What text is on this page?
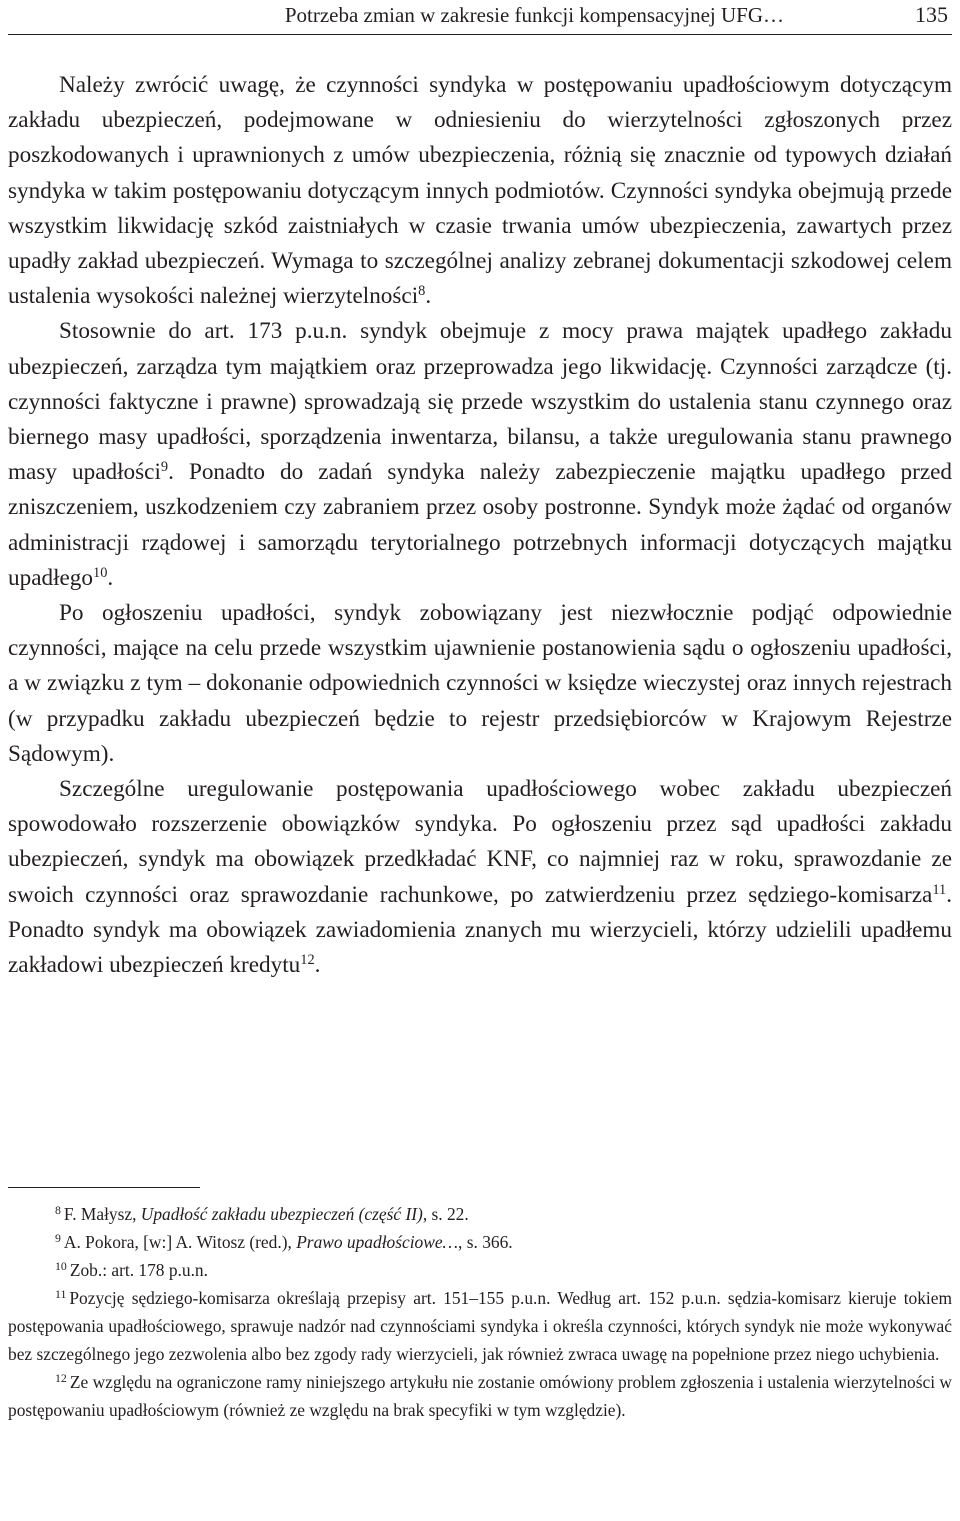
Potrzeba zmian w zakresie funkcji kompensacyjnej UFG…	135

Należy zwrócić uwagę, że czynności syndyka w postępowaniu upadłościowym dotyczącym zakładu ubezpieczeń, podejmowane w odniesieniu do wierzytelności zgłoszonych przez poszkodowanych i uprawnionych z umów ubezpieczenia, różnią się znacznie od typowych działań syndyka w takim postępowaniu dotyczącym innych podmiotów. Czynności syndyka obejmują przede wszystkim likwidację szkód zaistniałych w czasie trwania umów ubezpieczenia, zawartych przez upadły zakład ubezpieczeń. Wymaga to szczególnej analizy zebranej dokumentacji szkodowej celem ustalenia wysokości należnej wierzytelności$^8$.

Stosownie do art. 173 p.u.n. syndyk obejmuje z mocy prawa majątek upadłego zakładu ubezpieczeń, zarządza tym majątkiem oraz przeprowadza jego likwidację. Czynności zarządcze (tj. czynności faktyczne i prawne) sprowadzają się przede wszystkim do ustalenia stanu czynnego oraz biernego masy upadłości, sporządzenia inwentarza, bilansu, a także uregulowania stanu prawnego masy upadłości$^9$. Ponadto do zadań syndyka należy zabezpieczenie majątku upadłego przed zniszczeniem, uszkodzeniem czy zabraniem przez osoby postronne. Syndyk może żądać od organów administracji rządowej i samorządu terytorialnego potrzebnych informacji dotyczących majątku upadłego$^{10}$.

Po ogłoszeniu upadłości, syndyk zobowiązany jest niezwłocznie podjąć odpowiednie czynności, mające na celu przede wszystkim ujawnienie postanowienia sądu o ogłoszeniu upadłości, a w związku z tym – dokonanie odpowiednich czynności w księdze wieczystej oraz innych rejestrach (w przypadku zakładu ubezpieczeń będzie to rejestr przedsiębiorców w Krajowym Rejestrze Sądowym).

Szczególne uregulowanie postępowania upadłościowego wobec zakładu ubezpieczeń spowodowało rozszerzenie obowiązków syndyka. Po ogłoszeniu przez sąd upadłości zakładu ubezpieczeń, syndyk ma obowiązek przedkładać KNF, co najmniej raz w roku, sprawozdanie ze swoich czynności oraz sprawozdanie rachunkowe, po zatwierdzeniu przez sędziego-komisarza$^{11}$. Ponadto syndyk ma obowiązek zawiadomienia znanych mu wierzycieli, którzy udzielili upadłemu zakładowi ubezpieczeń kredytu$^{12}$.

$^8$ F. Małysz, Upadłość zakładu ubezpieczeń (część II), s. 22.

$^9$ A. Pokora, [w:] A. Witosz (red.), Prawo upadłościowe…, s. 366.

$^{10}$ Zob.: art. 178 p.u.n.

$^{11}$ Pozycję sędziego-komisarza określają przepisy art. 151–155 p.u.n. Według art. 152 p.u.n. sędzia-komisarz kieruje tokiem postępowania upadłościowego, sprawuje nadzór nad czynnościami syndyka i określa czynności, których syndyk nie może wykonywać bez szczególnego jego zezwolenia albo bez zgody rady wierzycieli, jak również zwraca uwagę na popełnione przez niego uchybienia.

$^{12}$ Ze względu na ograniczone ramy niniejszego artykułu nie zostanie omówiony problem zgłoszenia i ustalenia wierzytelności w postępowaniu upadłościowym (również ze względu na brak specyfiki w tym względzie).
